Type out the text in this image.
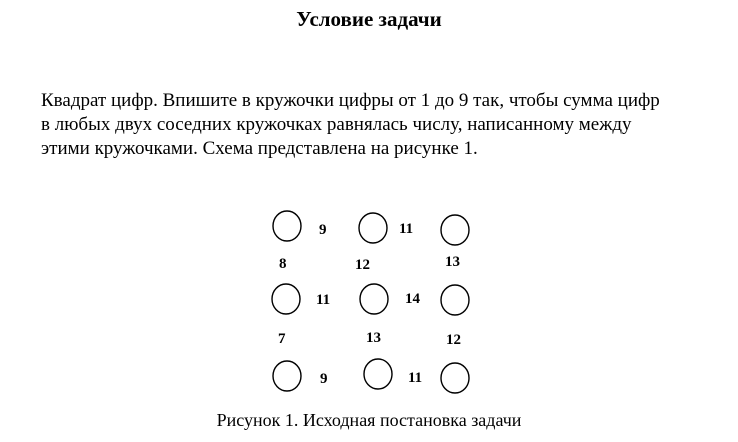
Условие задачи
Квадрат цифр. Впишите в кружочки цифры от 1 до 9 так, чтобы сумма цифр
в любых двух соседних кружочках равнялась числу, написанному между
этими кружочками. Схема представлена на рисунке 1.
9	11
11	14
9	11
8	12	13
7	13	12
Рисунок 1. Исходная постановка задачи
